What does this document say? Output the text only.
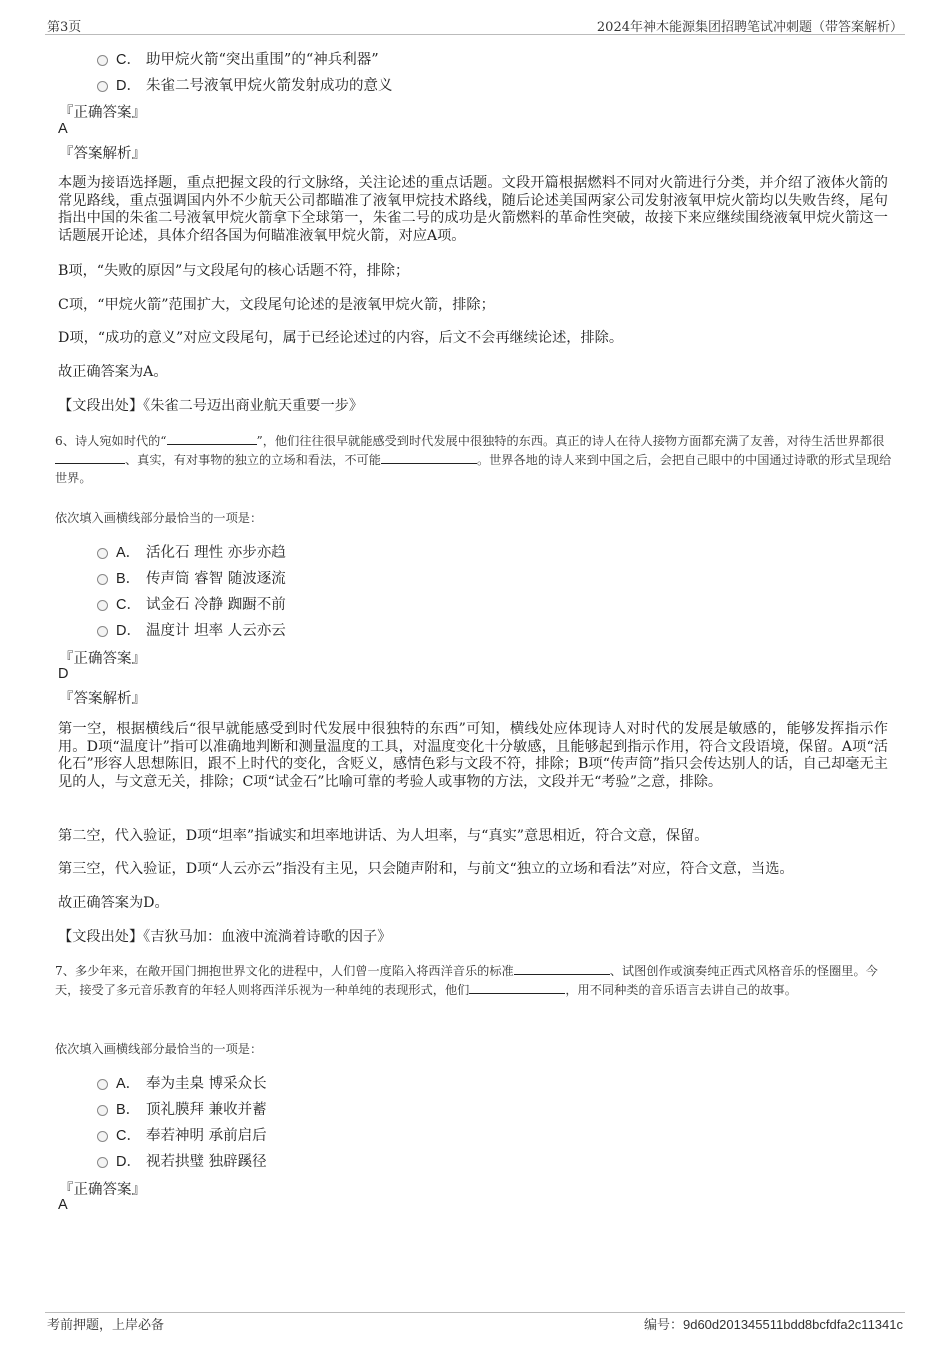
第3页	2024年神木能源集团招聘笔试冲刺题（带答案解析）
C． 助甲烷火箭“突出重围”的“神兵利器”
D． 朱雀二号液氧甲烷火箭发射成功的意义
『正确答案』
A
『答案解析』
本题为接语选择题，重点把握文段的行文脉络，关注论述的重点话题。文段开篇根据燃料不同对火箭进行分类，并介绍了液体火箭的常见路线，重点强调国内外不少航天公司都瞄准了液氧甲烷技术路线，随后论述美国两家公司发射液氧甲烷火箭均以失败告终，尾句指出中国的朱雀二号液氧甲烷火箭拿下全球第一，朱雀二号的成功是火箭燃料的革命性突破，故接下来应继续围绕液氧甲烷火箭这一话题展开论述，具体介绍各国为何瞄准液氧甲烷火箭，对应A项。
B项，“失败的原因”与文段尾句的核心话题不符，排除；
C项，“甲烷火箭”范围扩大，文段尾句论述的是液氧甲烷火箭，排除；
D项，“成功的意义”对应文段尾句，属于已经论述过的内容，后文不会再继续论述，排除。
故正确答案为A。
【文段出处】《朱雀二号迈出商业航天重要一步》
6、诗人宛如时代的“	”，他们往往很早就能感受到时代发展中很独特的东西。真正的诗人在待人接物方面都充满了友善，对待生活世界都很、真实，有对事物的独立的立场和看法，不可能	。世界各地的诗人来到中国之后，会把自己眼中的中国通过诗歌的形式呈现给世界。
依次填入画横线部分最恰当的一项是：
A． 活化石 理性 亦步亦趋
B． 传声筒 睿智 随波逐流
C． 试金石 冷静 踟蹰不前
D． 温度计 坦率 人云亦云
『正确答案』
D
『答案解析』
第一空，根据横线后“很早就能感受到时代发展中很独特的东西”可知，横线处应体现诗人对时代的发展是敏感的，能够发挥指示作用。D项“温度计”指可以准确地判断和测量温度的工具，对温度变化十分敏感，且能够起到指示作用，符合文段语境，保留。A项“活化石”形容人思想陈旧，跟不上时代的变化，含贬义，感情色彩与文段不符，排除；B项“传声筒”指只会传达别人的话，自己却毫无主见的人，与文意无关，排除；C项“试金石”比喻可靠的考验人或事物的方法，文段并无“考验”之意，排除。
第二空，代入验证，D项“坦率”指诚实和坦率地讲话、为人坦率，与“真实”意思相近，符合文意，保留。
第三空，代入验证，D项“人云亦云”指没有主见，只会随声附和，与前文“独立的立场和看法”对应，符合文意，当选。
故正确答案为D。
【文段出处】《吉狄马加：血液中流淌着诗歌的因子》
7、多少年来，在敞开国门拥抱世界文化的进程中，人们曾一度陷入将西洋音乐的标准	、试图创作或演奏纯正西式风格音乐的怪圈里。今天，接受了多元音乐教育的年轻人则将西洋乐视为一种单纯的表现形式，他们	，用不同种类的音乐语言去讲自己的故事。
依次填入画横线部分最恰当的一项是：
A． 奉为圭臬 博采众长
B． 顶礼膜拜 兼收并蓄
C． 奉若神明 承前启后
D． 视若拱璧 独辟蹊径
『正确答案』
A
考前押题，上岸必备	编号：9d60d201345511bdd8bcfdfa2c11341c
